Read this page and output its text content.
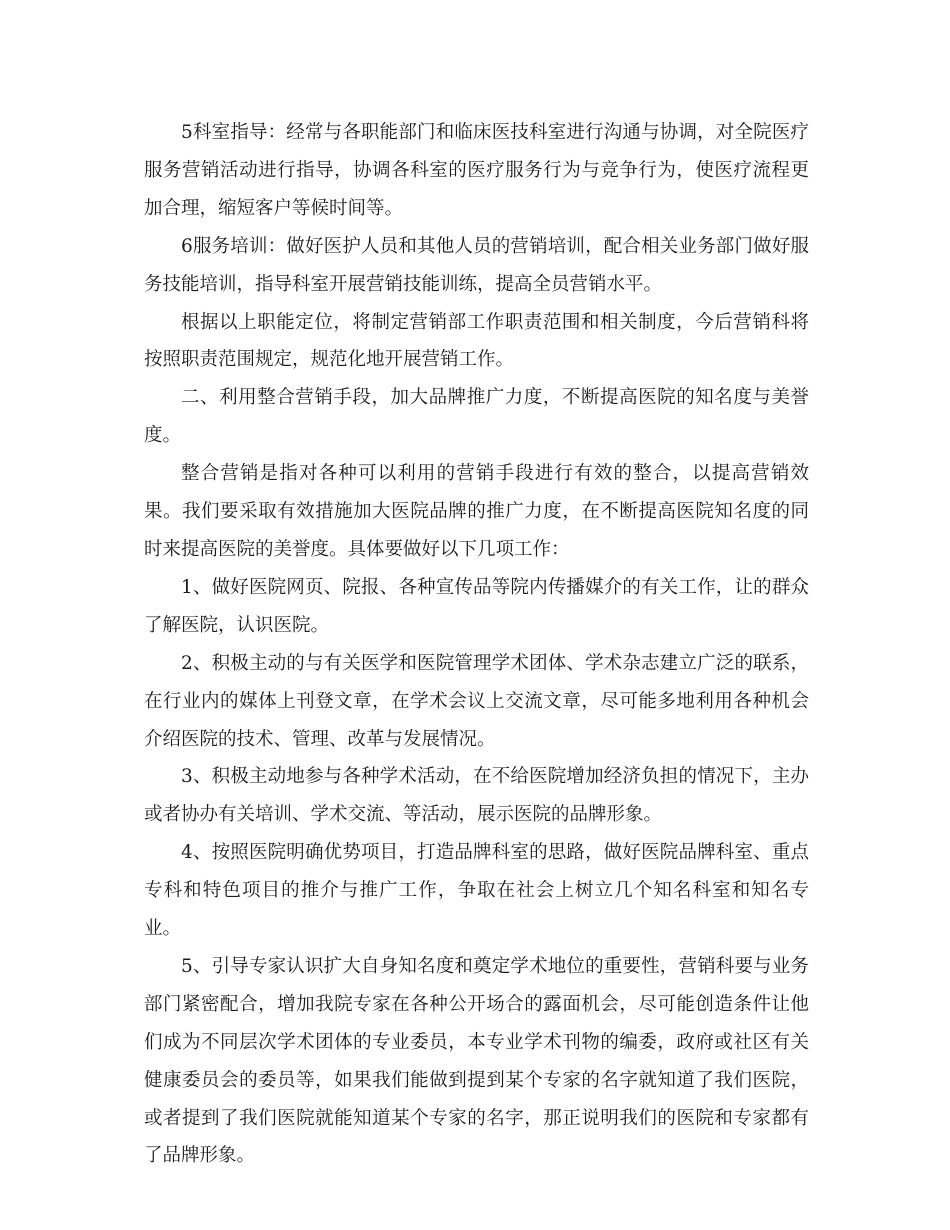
5科室指导：经常与各职能部门和临床医技科室进行沟通与协调，对全院医疗服务营销活动进行指导，协调各科室的医疗服务行为与竞争行为，使医疗流程更加合理，缩短客户等候时间等。

6服务培训：做好医护人员和其他人员的营销培训，配合相关业务部门做好服务技能培训，指导科室开展营销技能训练，提高全员营销水平。

根据以上职能定位，将制定营销部工作职责范围和相关制度，今后营销科将按照职责范围规定，规范化地开展营销工作。

二、利用整合营销手段，加大品牌推广力度，不断提高医院的知名度与美誉度。

整合营销是指对各种可以利用的营销手段进行有效的整合，以提高营销效果。我们要采取有效措施加大医院品牌的推广力度，在不断提高医院知名度的同时来提高医院的美誉度。具体要做好以下几项工作：

1、做好医院网页、院报、各种宣传品等院内传播媒介的有关工作，让的群众了解医院，认识医院。

2、积极主动的与有关医学和医院管理学术团体、学术杂志建立广泛的联系，在行业内的媒体上刊登文章，在学术会议上交流文章，尽可能多地利用各种机会介绍医院的技术、管理、改革与发展情况。

3、积极主动地参与各种学术活动，在不给医院增加经济负担的情况下，主办或者协办有关培训、学术交流、等活动，展示医院的品牌形象。

4、按照医院明确优势项目，打造品牌科室的思路，做好医院品牌科室、重点专科和特色项目的推介与推广工作，争取在社会上树立几个知名科室和知名专业。

5、引导专家认识扩大自身知名度和奠定学术地位的重要性，营销科要与业务部门紧密配合，增加我院专家在各种公开场合的露面机会，尽可能创造条件让他们成为不同层次学术团体的专业委员，本专业学术刊物的编委，政府或社区有关健康委员会的委员等，如果我们能做到提到某个专家的名字就知道了我们医院，或者提到了我们医院就能知道某个专家的名字，那正说明我们的医院和专家都有了品牌形象。
